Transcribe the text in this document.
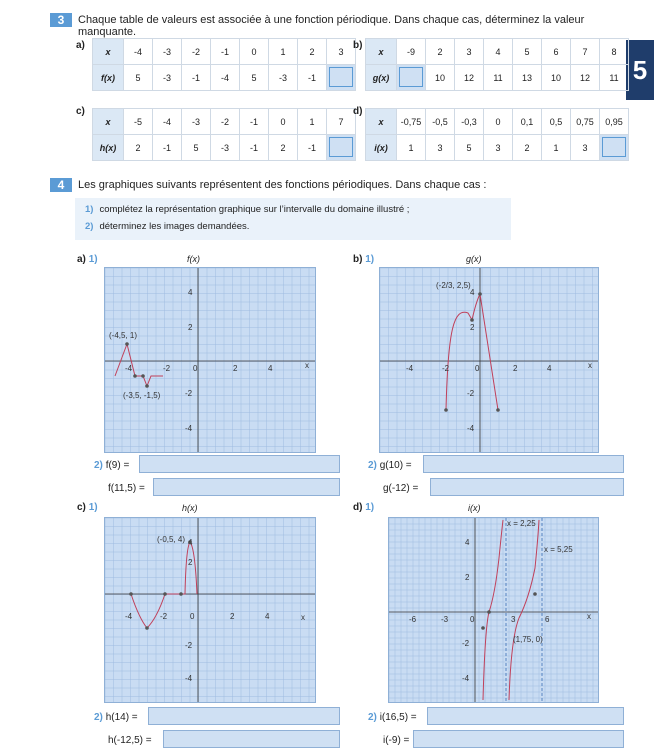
5
3	Chaque table de valeurs est associée à une fonction périodique. Dans chaque cas, déterminez la valeur manquante.
a)
x	-4	-3	-2	-1	0	1	2	3
f(x)	5	-3	-1	-4	5	-3	-1	
b)
x	-9	2	3	4	5	6	7	8
g(x)		10	12	11	13	10	12	11
c)
x	-5	-4	-3	-2	-1	0	1	7
h(x)	2	-1	5	-3	-1	2	-1	
d)
x	-0,75	-0,5	-0,3	0	0,1	0,5	0,75	0,95
i(x)	1	3	5	3	2	1	3	
4	Les graphiques suivants représentent des fonctions périodiques. Dans chaque cas :
1) complétez la représentation graphique sur l’intervalle du domaine illustré ;
2) déterminez les images demandées.
a) 1)
(-4,5, 1)
(-3,5, -1,5)
-4	-2	0	2	4
4
2
-2
-4
x
f(x)
2) f(9) =
f(11,5) =
b) 1)
(-2/3, 2,5)
-4	-2	0	2	4
4
2
-2
-4
x
g(x)
2) g(10) =
g(-12) =
c) 1)
(-0,5, 4)
-4	-2	0	2	4
4
2
-2
-4
x
h(x)
2) h(14) =
h(-12,5) =
d) 1)
x = 2,25
x = 5,25
(1,75, 0)
-6	-3	0	3	6
4
2
-2
-4
x
i(x)
2) i(16,5) =
i(-9) =
